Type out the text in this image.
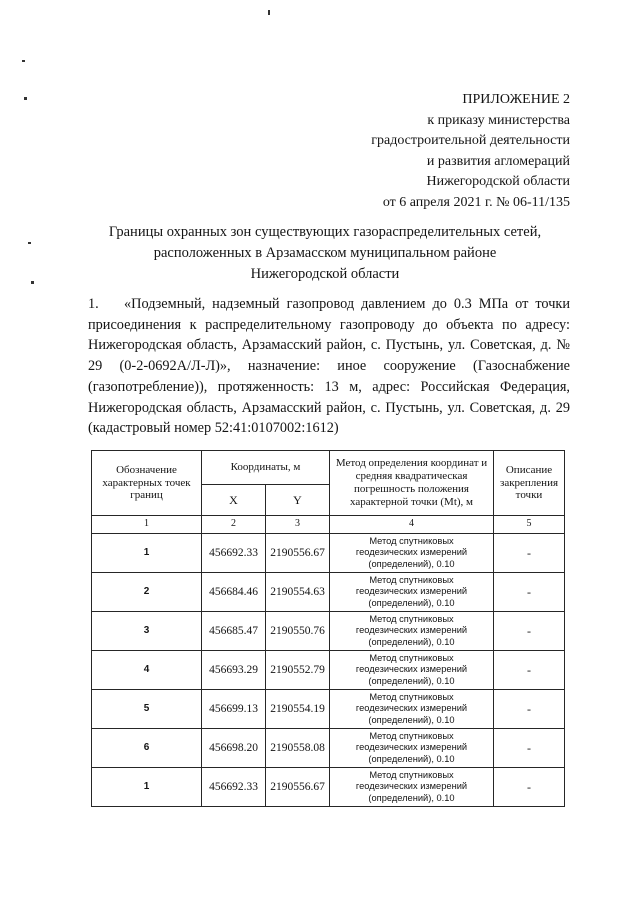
ПРИЛОЖЕНИЕ 2
к приказу министерства
градостроительной деятельности
и развития агломераций
Нижегородской области
от 6 апреля 2021 г. № 06-11/135
Границы охранных зон существующих газораспределительных сетей,
расположенных в Арзамасском муниципальном районе
Нижегородской области
1. «Подземный, надземный газопровод давлением до 0.3 МПа от точки присоединения к распределительному газопроводу до объекта по адресу: Нижегородская область, Арзамасский район, с. Пустынь, ул. Советская, д. № 29 (0-2-0692А/Л-Л)», назначение: иное сооружение (Газоснабжение (газопотребление)), протяженность: 13 м, адрес: Российская Федерация, Нижегородская область, Арзамасский район, с. Пустынь, ул. Советская, д. 29 (кадастровый номер 52:41:0107002:1612)
Обозначение характерных точек границ	Координаты, м		Метод определения координат и средняя квадратическая погрешность положения характерной точки (Mt), м	Описание закрепления точки
	X	Y		
1	2	3	4	5
1	456692.33	2190556.67	Метод спутниковых
геодезических измерений
(определений), 0.10	-
2	456684.46	2190554.63	Метод спутниковых
геодезических измерений
(определений), 0.10	-
3	456685.47	2190550.76	Метод спутниковых
геодезических измерений
(определений), 0.10	-
4	456693.29	2190552.79	Метод спутниковых
геодезических измерений
(определений), 0.10	-
5	456699.13	2190554.19	Метод спутниковых
геодезических измерений
(определений), 0.10	-
6	456698.20	2190558.08	Метод спутниковых
геодезических измерений
(определений), 0.10	-
1	456692.33	2190556.67	Метод спутниковых
геодезических измерений
(определений), 0.10	-
